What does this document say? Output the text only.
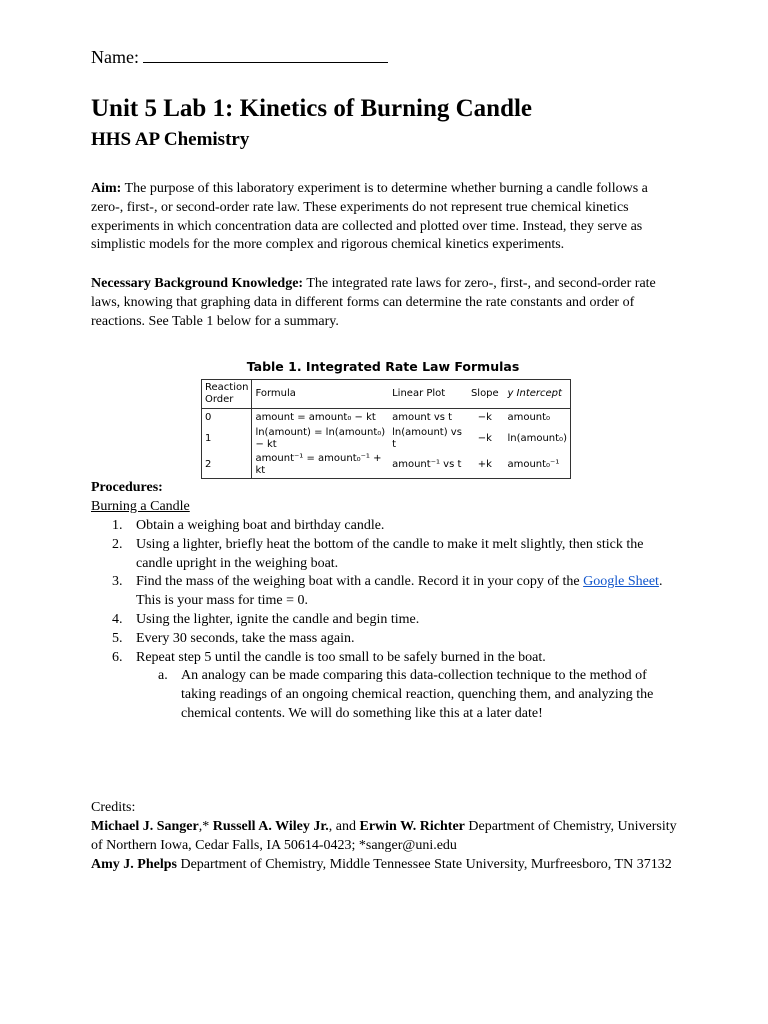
Name:
Unit 5 Lab 1: Kinetics of Burning Candle
HHS AP Chemistry

Aim: The purpose of this laboratory experiment is to determine whether burning a candle follows a zero-, first-, or second-order rate law. These experiments do not represent true chemical kinetics experiments in which concentration data are collected and plotted over time. Instead, they serve as simplistic models for the more complex and rigorous chemical kinetics experiments.

Necessary Background Knowledge: The integrated rate laws for zero-, first-, and second-order rate laws, knowing that graphing data in different forms can determine the rate constants and order of reactions. See Table 1 below for a summary.

Table 1. Integrated Rate Law Formulas
Reaction Order	Formula	Linear Plot	Slope	y Intercept
0	amount = amount₀ − kt	amount vs t	−k	amount₀
1	ln(amount) = ln(amount₀) − kt	ln(amount) vs t	−k	ln(amount₀)
2	amount⁻¹ = amount₀⁻¹ + kt	amount⁻¹ vs t	+k	amount₀⁻¹
Procedures:
Burning a Candle
1. Obtain a weighing boat and birthday candle.
2. Using a lighter, briefly heat the bottom of the candle to make it melt slightly, then stick the candle upright in the weighing boat.
3. Find the mass of the weighing boat with a candle. Record it in your copy of the Google Sheet. This is your mass for time = 0.
4. Using the lighter, ignite the candle and begin time.
5. Every 30 seconds, take the mass again.
6. Repeat step 5 until the candle is too small to be safely burned in the boat.
a. An analogy can be made comparing this data-collection technique to the method of taking readings of an ongoing chemical reaction, quenching them, and analyzing the chemical contents. We will do something like this at a later date!
Credits:

Michael J. Sanger,* Russell A. Wiley Jr., and Erwin W. Richter Department of Chemistry, University of Northern Iowa, Cedar Falls, IA 50614-0423; *sanger@uni.edu

Amy J. Phelps Department of Chemistry, Middle Tennessee State University, Murfreesboro, TN 37132
